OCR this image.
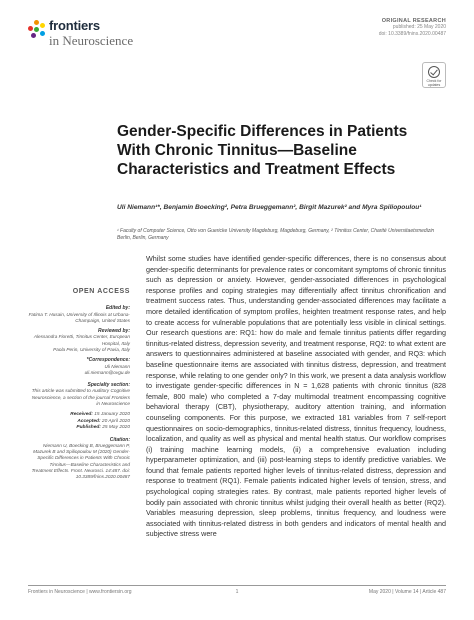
frontiers
in Neuroscience
ORIGINAL RESEARCH
published: 25 May 2020
doi: 10.3389/fnins.2020.00487
Check for updates
Gender-Specific Differences in Patients With Chronic Tinnitus—Baseline Characteristics and Treatment Effects
Uli Niemann¹*, Benjamin Boecking², Petra Brueggemann², Birgit Mazurek² and Myra Spiliopoulou¹
¹ Faculty of Computer Science, Otto von Guericke University Magdeburg, Magdeburg, Germany, ² Tinnitus Center, Charité Universitaetsmedizin Berlin, Berlin, Germany
Whilst some studies have identified gender-specific differences, there is no consensus about gender-specific determinants for prevalence rates or concomitant symptoms of chronic tinnitus such as depression or anxiety. However, gender-associated differences in psychological response profiles and coping strategies may differentially affect tinnitus chronification and treatment success rates. Thus, understanding gender-associated differences may facilitate a more detailed identification of symptom profiles, heighten treatment response rates, and help to create access for vulnerable populations that are potentially less visible in clinical settings. Our research questions are: RQ1: how do male and female tinnitus patients differ regarding tinnitus-related distress, depression severity, and treatment response, RQ2: to what extent are answers to questionnaires administered at baseline associated with gender, and RQ3: which baseline questionnaire items are associated with tinnitus distress, depression, and treatment response, while relating to one gender only? In this work, we present a data analysis workflow to investigate gender-specific differences in N = 1,628 patients with chronic tinnitus (828 female, 800 male) who completed a 7-day multimodal treatment encompassing cognitive behavioral therapy (CBT), physiotherapy, auditory attention training, and information counseling components. For this purpose, we extracted 181 variables from 7 self-report questionnaires on socio-demographics, tinnitus-related distress, tinnitus frequency, loudness, localization, and quality as well as physical and mental health status. Our workflow comprises (i) training machine learning models, (ii) a comprehensive evaluation including hyperparameter optimization, and (iii) post-learning steps to identify predictive variables. We found that female patients reported higher levels of tinnitus-related distress, depression and response to treatment (RQ1). Female patients indicated higher levels of tension, stress, and psychological coping strategies rates. By contrast, male patients reported higher levels of bodily pain associated with chronic tinnitus whilst judging their overall health as better (RQ2). Variables measuring depression, sleep problems, tinnitus frequency, and loudness were associated with tinnitus-related distress in both genders and indicators of mental health and subjective stress were
OPEN ACCESS
Edited by:
Fatima T. Husain, University of Illinois at Urbana-Champaign, United States
Reviewed by:
Alessandra Fioretti, Tinnitus Center, European Hospital, Italy
Paola Perin, University of Pavia, Italy
*Correspondence:
Uli Niemann
uli.niemann@ovgu.de
Specialty section:
This article was submitted to Auditory Cognitive Neuroscience, a section of the journal Frontiers in Neuroscience
Received: 15 January 2020
Accepted: 20 April 2020
Published: 25 May 2020
Citation:
Niemann U, Boecking B, Brueggemann P, Mazurek B and Spiliopoulou M (2020) Gender-Specific Differences in Patients With Chronic Tinnitus—Baseline Characteristics and Treatment Effects. Front. Neurosci. 14:487. doi: 10.3389/fnins.2020.00487
Frontiers in Neuroscience | www.frontiersin.org	1	May 2020 | Volume 14 | Article 487
